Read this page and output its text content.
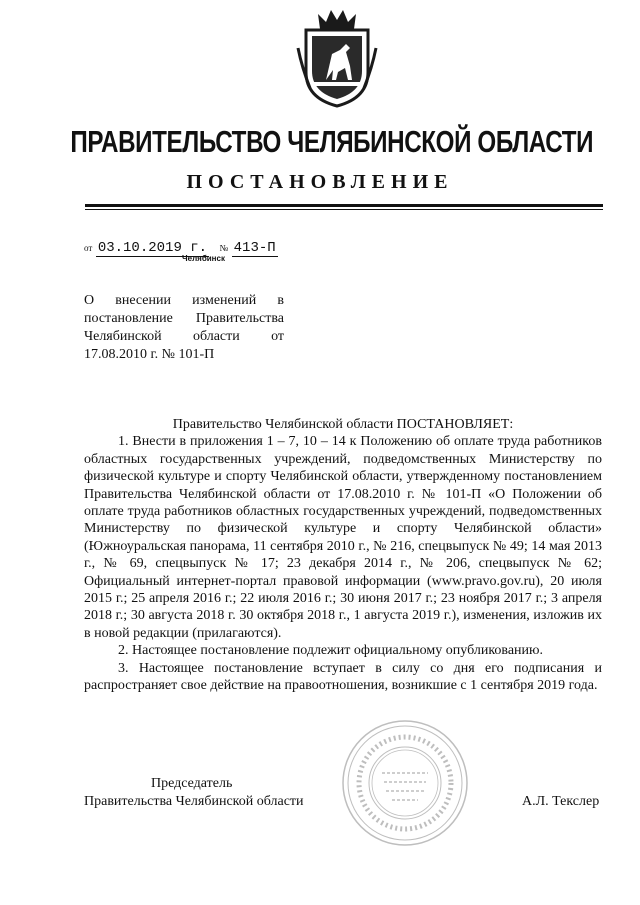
ПРАВИТЕЛЬСТВО ЧЕЛЯБИНСКОЙ ОБЛАСТИ
ПОСТАНОВЛЕНИЕ
от 03.10.2019 г. № 413-П
Челябинск
О внесении изменений в постановление Правительства Челябинской области от 17.08.2010 г. № 101-П

Правительство Челябинской области ПОСТАНОВЛЯЕТ:

1. Внести в приложения 1 – 7, 10 – 14 к Положению об оплате труда работников областных государственных учреждений, подведомственных Министерству по физической культуре и спорту Челябинской области, утвержденному постановлением Правительства Челябинской области от 17.08.2010 г. № 101-П «О Положении об оплате труда работников областных государственных учреждений, подведомственных Министерству по физической культуре и спорту Челябинской области» (Южноуральская панорама, 11 сентября 2010 г., № 216, спецвыпуск № 49; 14 мая 2013 г., № 69, спецвыпуск № 17; 23 декабря 2014 г., № 206, спецвыпуск № 62; Официальный интернет-портал правовой информации (www.pravo.gov.ru), 20 июля 2015 г.; 25 апреля 2016 г.; 22 июля 2016 г.; 30 июня 2017 г.; 23 ноября 2017 г.; 3 апреля 2018 г.; 30 августа 2018 г. 30 октября 2018 г., 1 августа 2019 г.), изменения, изложив их в новой редакции (прилагаются).

2. Настоящее постановление подлежит официальному опубликованию.

3. Настоящее постановление вступает в силу со дня его подписания и распространяет свое действие на правоотношения, возникшие с 1 сентября 2019 года.

Председатель
Правительства Челябинской области	А.Л. Текслер
